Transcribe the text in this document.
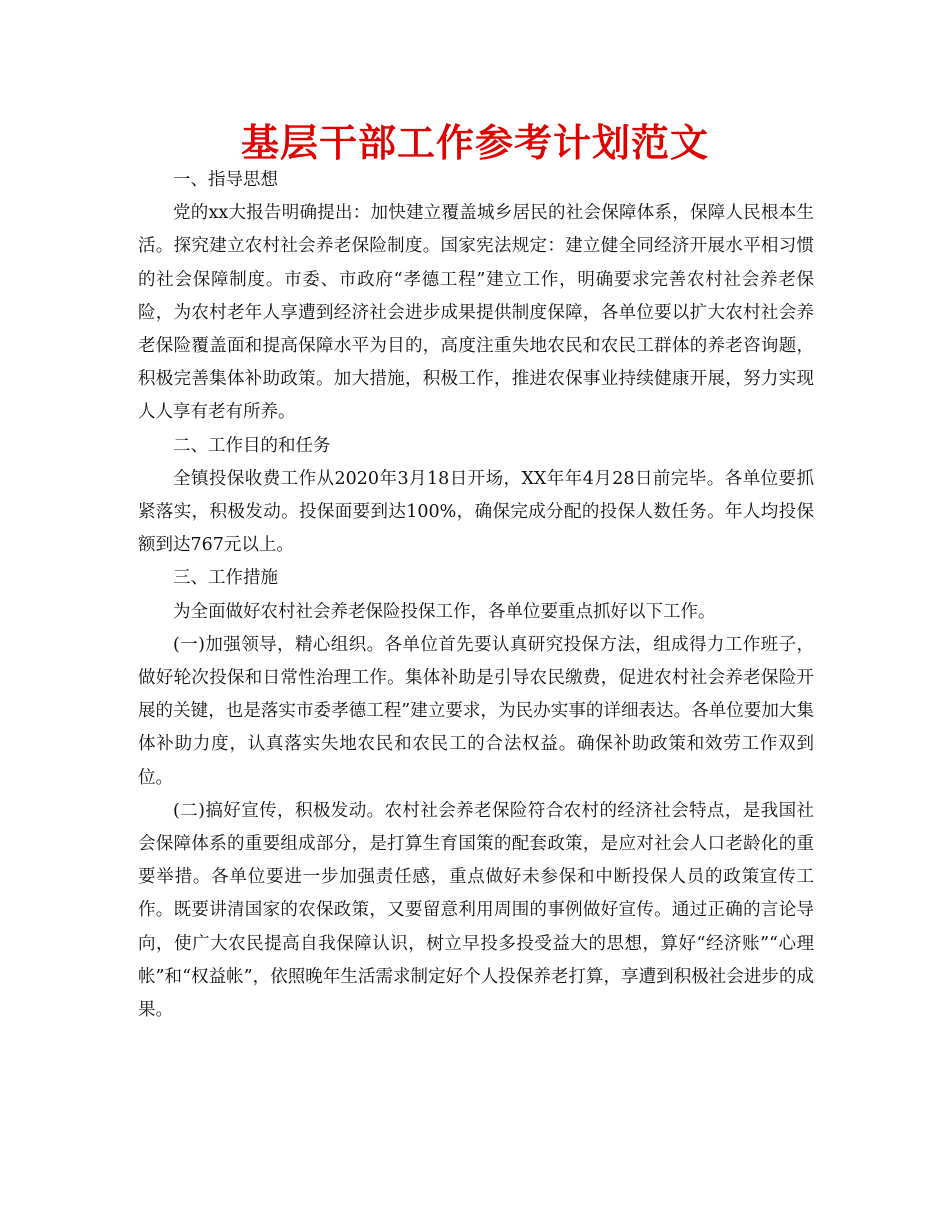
基层干部工作参考计划范文

一、指导思想

党的xx大报告明确提出：加快建立覆盖城乡居民的社会保障体系，保障人民根本生活。探究建立农村社会养老保险制度。国家宪法规定：建立健全同经济开展水平相习惯的社会保障制度。市委、市政府“孝德工程”建立工作，明确要求完善农村社会养老保险，为农村老年人享遭到经济社会进步成果提供制度保障，各单位要以扩大农村社会养老保险覆盖面和提高保障水平为目的，高度注重失地农民和农民工群体的养老咨询题，积极完善集体补助政策。加大措施，积极工作，推进农保事业持续健康开展，努力实现人人享有老有所养。

二、工作目的和任务

全镇投保收费工作从2020年3月18日开场，XX年年4月28日前完毕。各单位要抓紧落实，积极发动。投保面要到达100%，确保完成分配的投保人数任务。年人均投保额到达767元以上。

三、工作措施

为全面做好农村社会养老保险投保工作，各单位要重点抓好以下工作。

(一)加强领导，精心组织。各单位首先要认真研究投保方法，组成得力工作班子，做好轮次投保和日常性治理工作。集体补助是引导农民缴费，促进农村社会养老保险开展的关键，也是落实市委孝德工程”建立要求，为民办实事的详细表达。各单位要加大集体补助力度，认真落实失地农民和农民工的合法权益。确保补助政策和效劳工作双到位。

(二)搞好宣传，积极发动。农村社会养老保险符合农村的经济社会特点，是我国社会保障体系的重要组成部分，是打算生育国策的配套政策，是应对社会人口老龄化的重要举措。各单位要进一步加强责任感，重点做好未参保和中断投保人员的政策宣传工作。既要讲清国家的农保政策，又要留意利用周围的事例做好宣传。通过正确的言论导向，使广大农民提高自我保障认识，树立早投多投受益大的思想，算好“经济账”“心理帐”和“权益帐”，依照晚年生活需求制定好个人投保养老打算，享遭到积极社会进步的成果。
